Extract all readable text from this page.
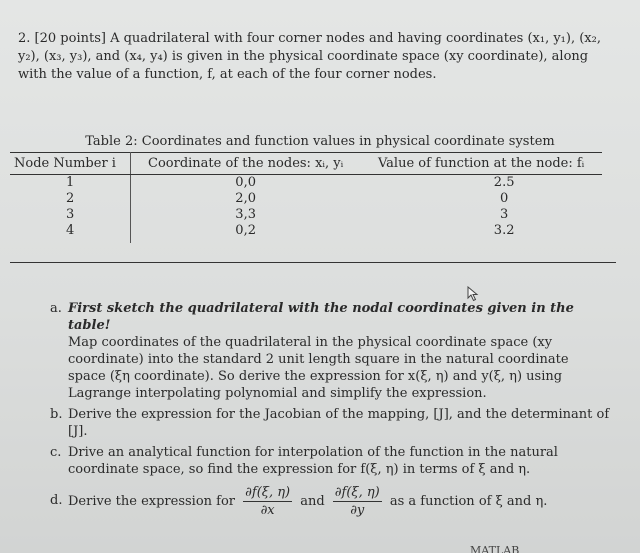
2. [20 points] A quadrilateral with four corner nodes and having coordinates (x₁, y₁), (x₂, y₂), (x₃, y₃), and (x₄, y₄) is given in the physical coordinate space (xy coordinate), along with the value of a function, f, at each of the four corner nodes.
Table 2: Coordinates and function values in physical coordinate system
Node Number i	Coordinate of the nodes: xᵢ, yᵢ	Value of function at the node: fᵢ
1	0,0	2.5
2	2,0	0
3	3,3	3
4	0,2	3.2
a. First sketch the quadrilateral with the nodal coordinates given in the table!
Map coordinates of the quadrilateral in the physical coordinate space (xy coordinate) into the standard 2 unit length square in the natural coordinate space (ξη coordinate). So derive the expression for x(ξ, η) and y(ξ, η) using Lagrange interpolating polynomial and simplify the expression.
b. Derive the expression for the Jacobian of the mapping, [J], and the determinant of [J].
c. Drive an analytical function for interpolation of the function in the natural coordinate space, so find the expression for f(ξ, η) in terms of ξ and η.
d. Derive the expression for $\frac{\partial f(\xi, \eta)}{\partial x}$ and $\frac{\partial f(\xi, \eta)}{\partial y}$ as a function of ξ and η.
MATLAB
